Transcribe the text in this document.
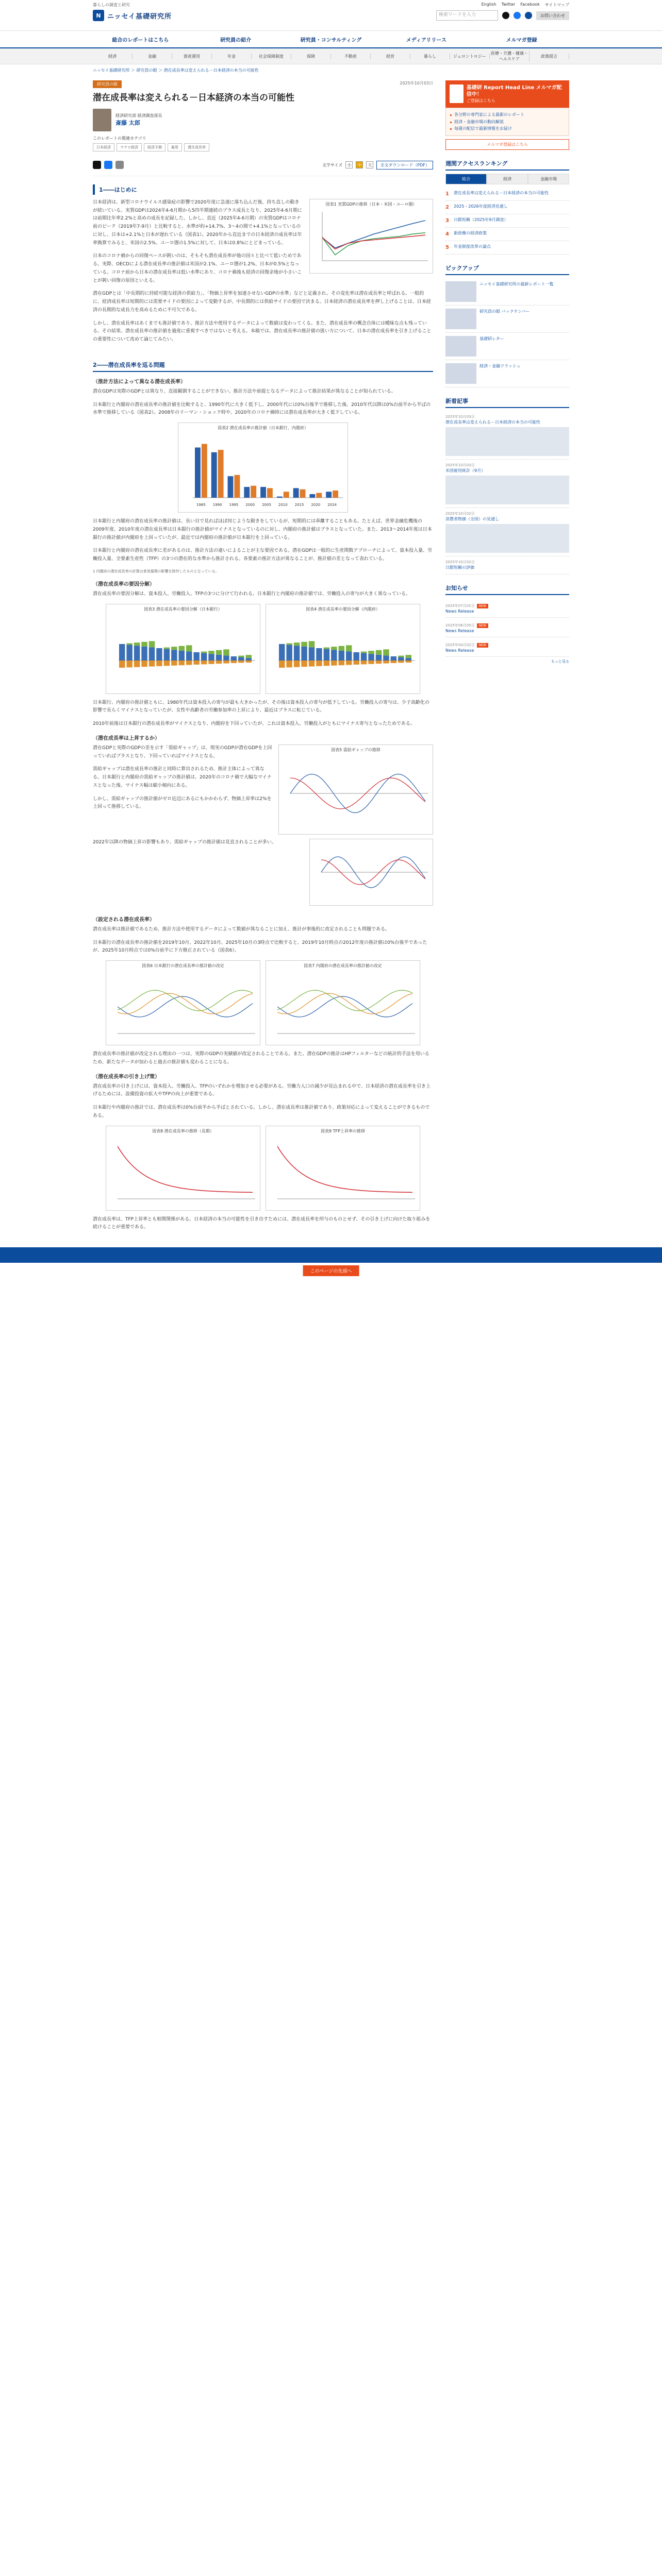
暮らしの調査と研究
N ニッセイ基礎研究所	検索ワードを入力	お問い合わせ
English Twitter Facebook サイトマップ
総合のレポートはこちら	研究員の紹介	研究員・コンサルティング	メディアリリース	メルマガ登録
経済	金融	資産運用	年金	社会保障制度	保険	不動産	経営	暮らし	ジェロントロジー
医療・介護・健康・ヘルスケア
政策提言
ニッセイ基礎研究所 ＞ 研究員の眼 ＞ 潜在成長率は変えられる－日本経済の本当の可能性
研究員の眼	2025年10月03日
潜在成長率は変えられる－日本経済の本当の可能性
経済研究部 経済調査部長
斎藤 太郎
このレポートの関連カテゴリ
日本経済	マクロ経済	経済予測	雇用	潜在成長率
文字サイズ	小	中	大	全文ダウンロード（PDF）
1――はじめに
図表1 実質GDPの推移（日本・米国・ユーロ圏）

日本経済は、新型コロナウイルス感染症の影響で2020年度に急速に落ち込んだ後、持ち直しの動きが続いている。実質GDPは2024年4-6月期から5四半期連続のプラス成長となり、2025年4-6月期には前期比年率2.2%と高めの成長を記録した。しかし、直近（2025年4-6月期）の実質GDPはコロナ前のピーク（2019年7-9月）と比較すると、水準が約+14.7%、3～4の間で+4.1%となっているのに対し、日本は+2.1%と日本が遅れている（図表1）。2020年から直近までの日本経済の成長率は年率換算でみると、米国の2.5%、ユーロ圏の1.5%に対して、日本は0.8%にとどまっている。

日本のコロナ禍からの回復ペースが鈍いのは、そもそも潜在成長率が他の国々と比べて低いためである。実際、OECDによる潜在成長率の推計値は米国が2.1%、ユーロ圏が1.2%、日本が0.5%となっている。コロナ前から日本の潜在成長率は低い水準にあり、コロナ禍後も経済の回復余地が小さいことが鈍い回復の原因といえる。

潜在GDPとは「中長期的に持続可能な経済の供給力」、「物価上昇率を加速させないGDPの水準」などと定義され、その変化率は潜在成長率と呼ばれる。一般的に、経済成長率は短期的には需要サイドの要因によって変動するが、中長期的には供給サイドの要因で決まる。日本経済の潜在成長率を押し上げることは、日本経済の長期的な成長力を高めるために不可欠である。

しかし、潜在成長率はあくまでも推計値であり、推計方法や使用するデータによって数値は変わってくる。また、潜在成長率の概念自体には曖昧な点も残っている。その結果、潜在成長率の推計値を過度に重視すべきではないと考える。本稿では、潜在成長率の推計値の扱い方について、日本の潜在成長率を引き上げることの重要性について改めて論じてみたい。

2――潜在成長率を巡る問題
（推計方法によって異なる潜在成長率）

潜在GDPは実際のGDPとは異なり、直接観測することができない。推計方法や前提となるデータによって推計結果が異なることが知られている。

日本銀行と内閣府の潜在成長率の推計値を比較すると、1990年代に大きく低下し、2000年代には0%台後半で推移した後、2010年代以降は0%台前半から半ばの水準で推移している（図表2）。2008年のリーマン・ショック時や、2020年のコロナ禍時には潜在成長率が大きく低下している。

図表2 潜在成長率の推計値（日本銀行、内閣府）
1985 1990 1995 2000 2005 2010 2015 2020 2024

日本銀行と内閣府の潜在成長率の推計値は、長い目で見ればほぼ同じような動きをしているが、短期的には乖離することもある。たとえば、世界金融危機後の2009年度、2010年度の潜在成長率は日本銀行の推計値がマイナスとなっているのに対し、内閣府の推計値はプラスとなっていた。また、2013～2014年度は日本銀行の推計値が内閣府を上回っていたが、最近では内閣府の推計値が日本銀行を上回っている。

日本銀行と内閣府の潜在成長率に差があるのは、推計方法の違いによることが主な要因である。潜在GDPは一般的に生産関数アプローチによって、資本投入量、労働投入量、全要素生産性（TFP）の3つの潜在的な水準から推計される。各要素の推計方法が異なることが、推計値の差となって表れている。

1 内閣府の潜在成長率の計算は景気循環の影響を除外したものとなっている。
（潜在成長率の要因分解）

潜在成長率の要因分解は、資本投入、労働投入、TFPの3つに分けて行われる。日本銀行と内閣府の推計値では、労働投入の寄与が大きく異なっている。

図表3 潜在成長率の要因分解（日本銀行）	図表4 潜在成長率の要因分解（内閣府）

日本銀行、内閣府の推計値ともに、1980年代は資本投入の寄与が最も大きかったが、その後は資本投入の寄与が低下している。労働投入の寄与は、少子高齢化の影響で長らくマイナスとなっていたが、女性や高齢者の労働参加率の上昇により、最近はプラスに転じている。

2010年前後は日本銀行の潜在成長率がマイナスとなり、内閣府を下回っていたが、これは資本投入、労働投入がともにマイナス寄与となったためである。

（潜在成長率は上昇するか）
図表5 需給ギャップの推移

潜在GDPと実際のGDPの差を示す「需給ギャップ」は、現実のGDPが潜在GDPを上回っていればプラスとなり、下回っていればマイナスとなる。

需給ギャップは潜在成長率の推計と同時に算出されるため、推計主体によって異なる。日本銀行と内閣府の需給ギャップの推計値は、2020年のコロナ禍で大幅なマイナスとなった後、マイナス幅は縮小傾向にある。

しかし、需給ギャップの推計値がゼロ近辺にあるにもかかわらず、物価上昇率は2%を上回って推移している。

2022年以降の物価上昇の影響もあり、需給ギャップの推計値は見直されることが多い。

（設定される潜在成長率）

潜在成長率は推計値であるため、推計方法や使用するデータによって数値が異なることに加え、推計が事後的に改定されることも問題である。

日本銀行の潜在成長率の推計値を2019年10月、2022年10月、2025年10月の3時点で比較すると、2019年10月時点の2012年度の推計値は0%台後半であったが、2025年10月時点では0%台前半に下方修正されている（図表6）。

図表6 日本銀行の潜在成長率の推計値の改定	図表7 内閣府の潜在成長率の推計値の改定

潜在成長率の推計値が改定される理由の一つは、実際のGDPの実績値が改定されることである。また、潜在GDPの推計はHPフィルターなどの統計的手法を用いるため、新たなデータが加わると過去の推計値も変わることになる。

（潜在成長率の引き上げ策）

潜在成長率の引き上げには、資本投入、労働投入、TFPのいずれかを増加させる必要がある。労働力人口の減少が見込まれる中で、日本経済の潜在成長率を引き上げるためには、設備投資の拡大やTFPの向上が重要である。

日本銀行や内閣府の推計では、潜在成長率は0%台前半から半ばとされている。しかし、潜在成長率は推計値であり、政策対応によって変えることができるものである。

図表8 潜在成長率の推移（長期）	図表9 TFP上昇率の推移

潜在成長率は、TFP上昇率とも相関関係がある。日本経済の本当の可能性を引き出すためには、潜在成長率を所与のものとせず、その引き上げに向けた取り組みを続けることが重要である。

基礎研 Report Head Line メルマガ配信中！
ご登録はこちら
各分野の専門家による最新のレポート
経済・金融市場の動向解説
毎週の配信で最新情報をお届け
メルマガ登録はこちら
週間アクセスランキング
総合	経済	金融市場
1	潜在成長率は変えられる－日本経済の本当の可能性
2	2025・2026年度経済見通し
3	日銀短観（2025年9月調査）
4	新政権の経済政策
5	年金制度改革の論点
ピックアップ
ニッセイ基礎研究所の最新レポート一覧
研究員の眼 バックナンバー
基礎研レター
経済・金融フラッシュ
新着記事
2025年10月03日
潜在成長率は変えられる－日本経済の本当の可能性
2025年10月03日
米国雇用統計（9月）
2025年10月02日
消費者物価（全国）の見通し
2025年10月02日
日銀短観の評価
お知らせ
2025年07月01日 NEW
News Release
2025年06月05日 NEW
News Release
2025年04月02日 NEW
News Release
もっと見る
このページの先頭へ
